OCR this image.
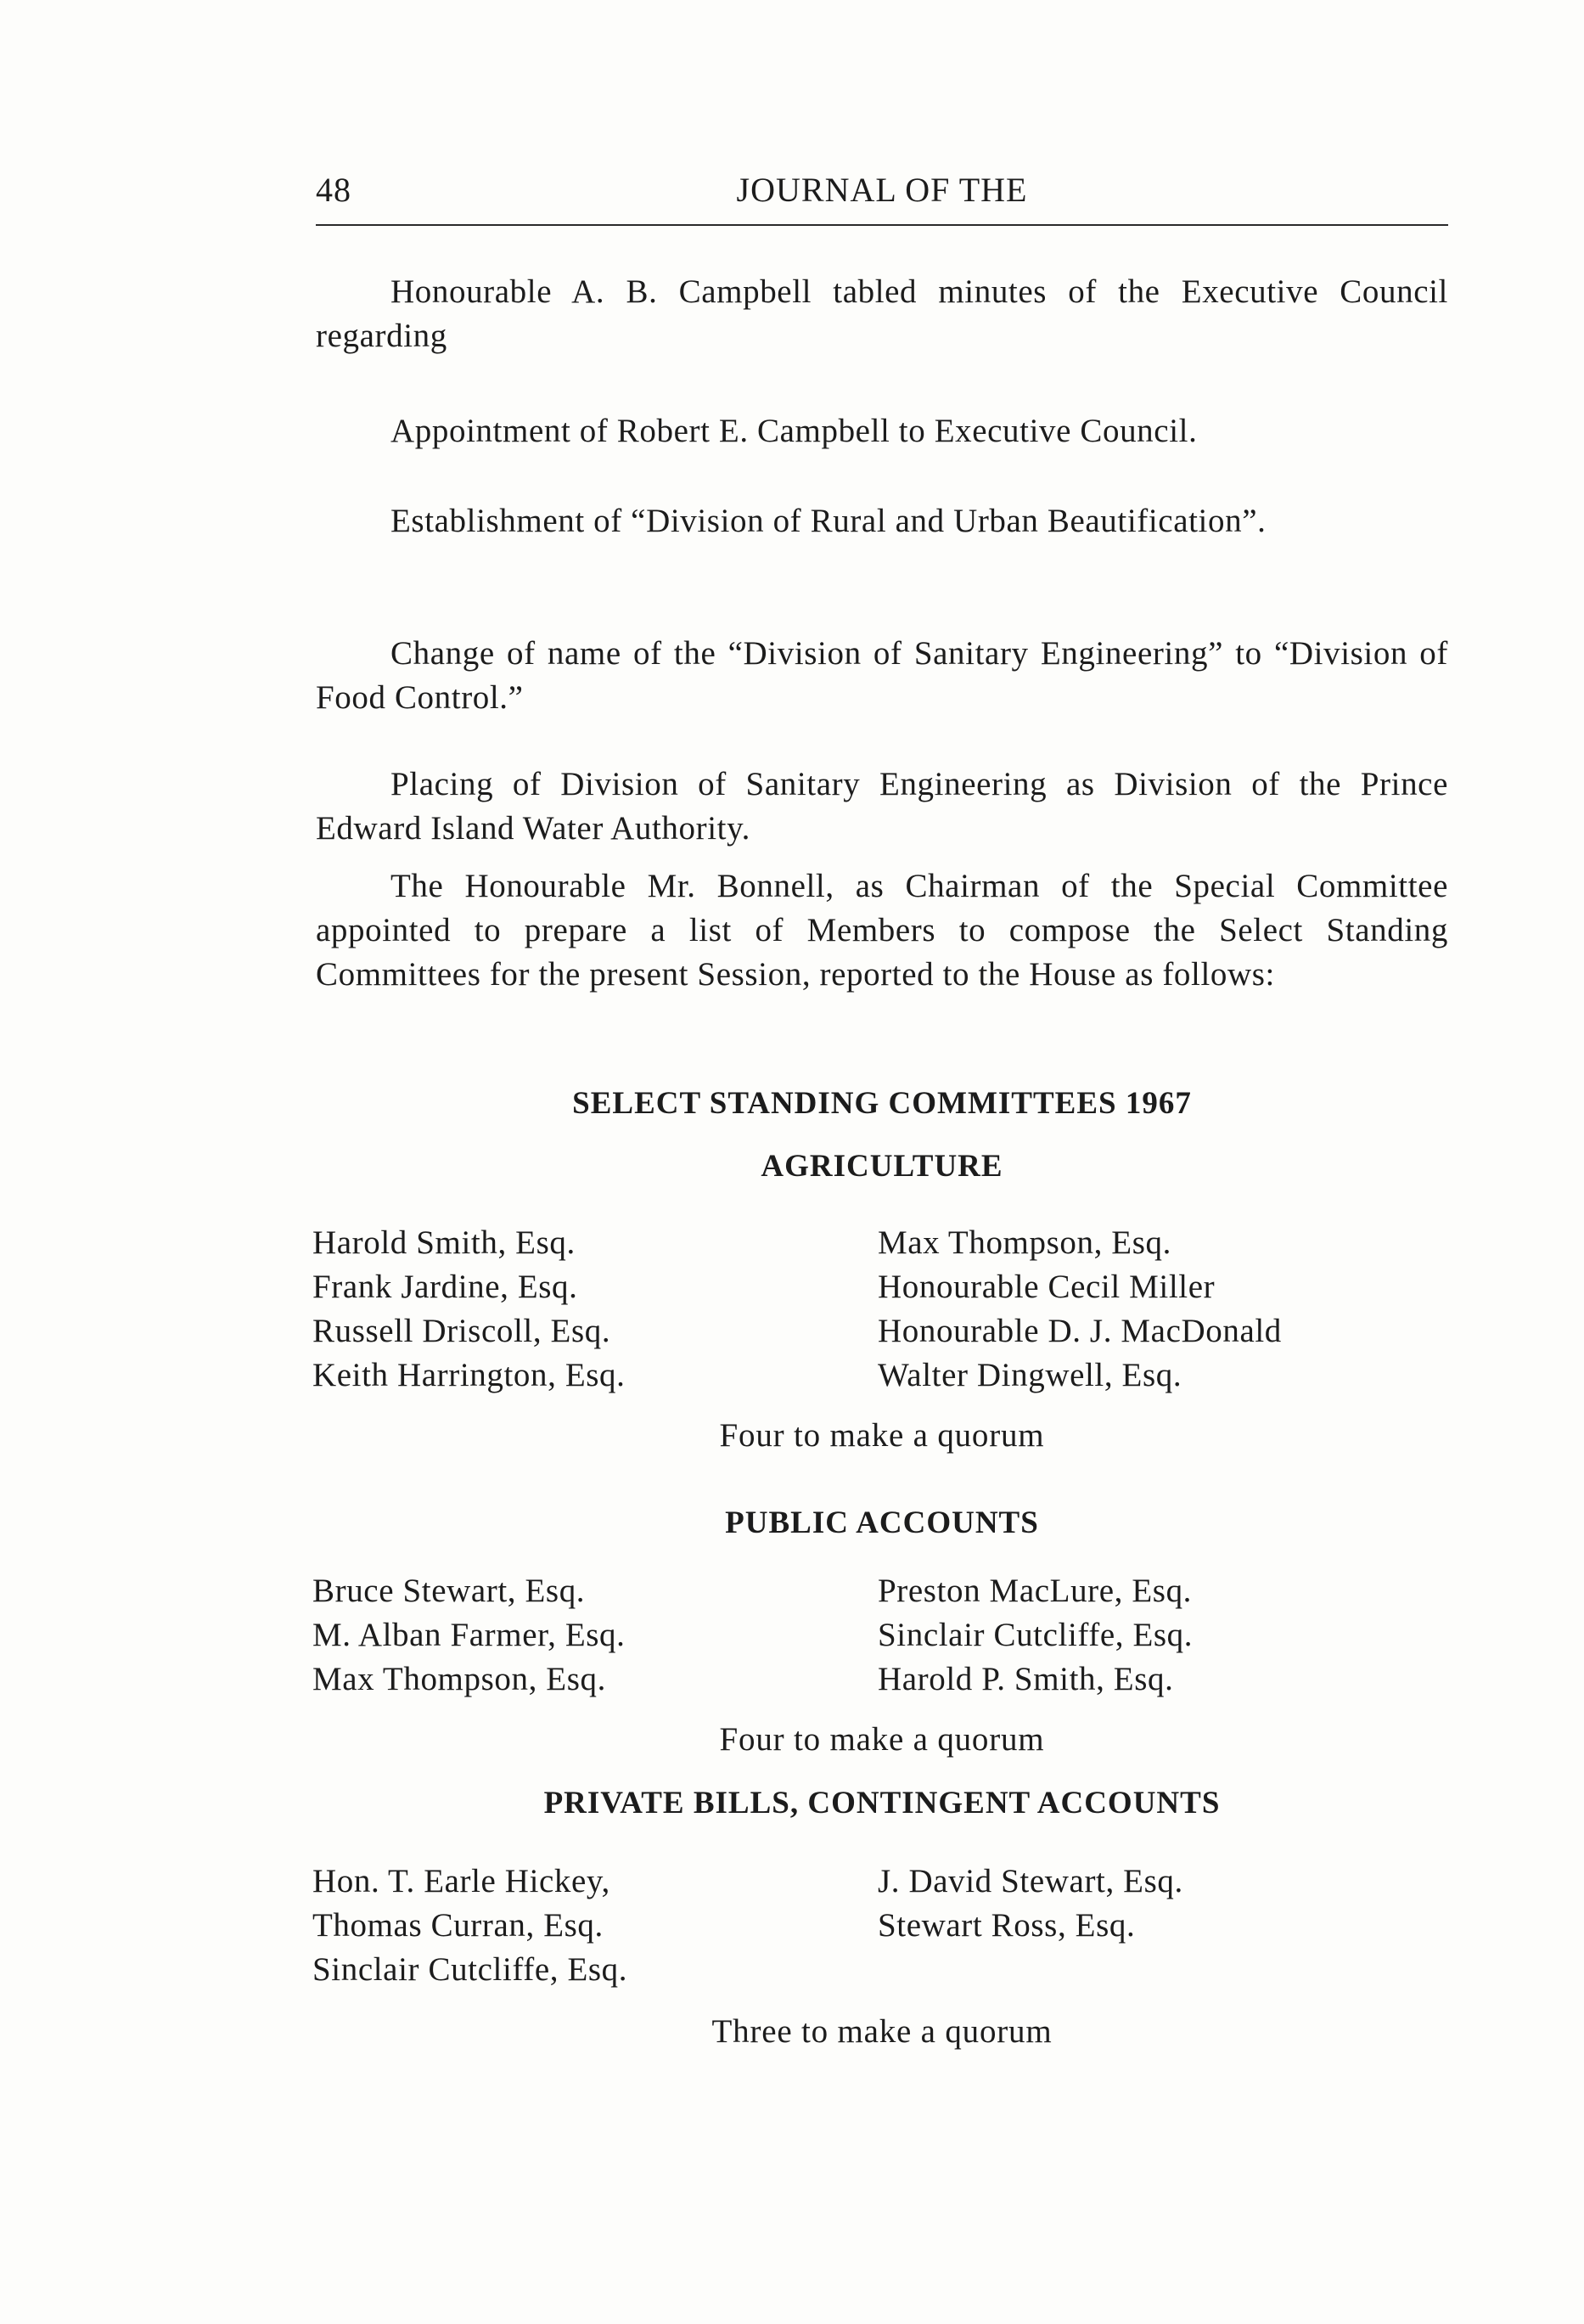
48	JOURNAL OF THE
Honourable A. B. Campbell tabled minutes of the Executive Council regarding
Appointment of Robert E. Campbell to Executive Council.
Establishment of “Division of Rural and Urban Beautification”.
Change of name of the “Division of Sanitary Engineering” to “Division of Food Control.”
Placing of Division of Sanitary Engineering as Division of the Prince Edward Island Water Authority.
The Honourable Mr. Bonnell, as Chairman of the Special Committee appointed to prepare a list of Members to compose the Select Standing Committees for the present Session, reported to the House as follows:
SELECT STANDING COMMITTEES 1967
AGRICULTURE
Harold Smith, Esq.
Frank Jardine, Esq.
Russell Driscoll, Esq.
Keith Harrington, Esq.
Max Thompson, Esq.
Honourable Cecil Miller
Honourable D. J. MacDonald
Walter Dingwell, Esq.
Four to make a quorum
PUBLIC ACCOUNTS
Bruce Stewart, Esq.
M. Alban Farmer, Esq.
Max Thompson, Esq.
Preston MacLure, Esq.
Sinclair Cutcliffe, Esq.
Harold P. Smith, Esq.
Four to make a quorum
PRIVATE BILLS, CONTINGENT ACCOUNTS
Hon. T. Earle Hickey,
Thomas Curran, Esq.
Sinclair Cutcliffe, Esq.
J. David Stewart, Esq.
Stewart Ross, Esq.
Three to make a quorum
